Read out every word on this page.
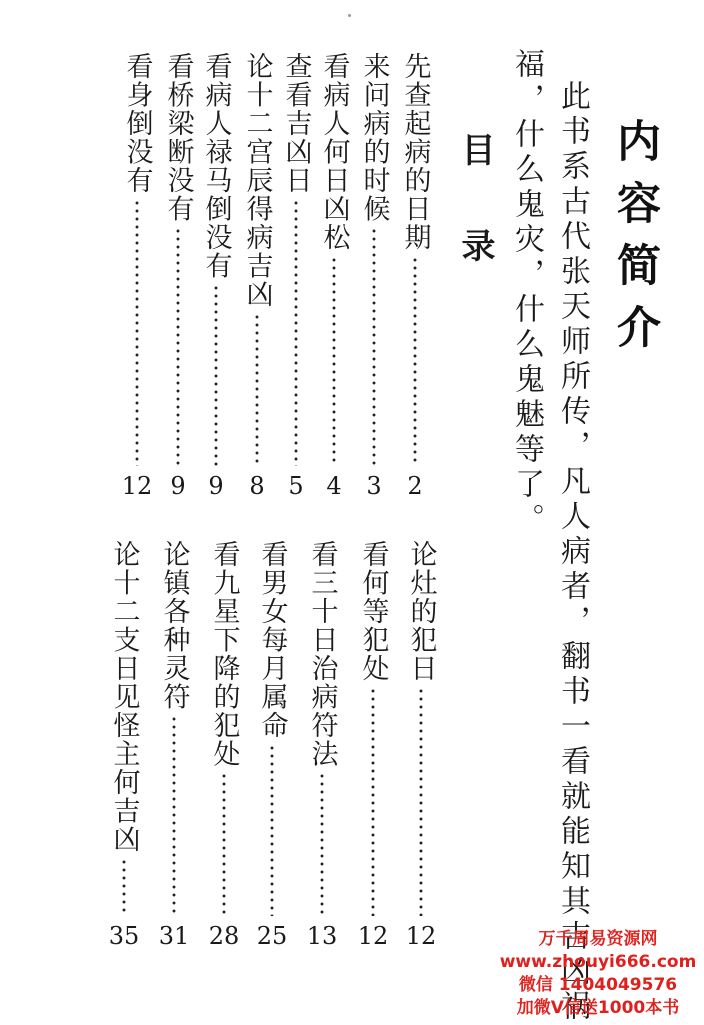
内容简介
此书系古代张天师所传，凡人病者，翻书一看就能知其吉凶祸
福，什么鬼灾，什么鬼魅等了。
目录
先查起病的日期
2
来问病的时候
3
看病人何日凶松
4
查看吉凶日
5
论十二宫辰得病吉凶
8
看病人禄马倒没有
9
看桥梁断没有
9
看身倒没有
12
论灶的犯日
12
看何等犯处
12
看三十日治病符法
13
看男女每月属命
25
看九星下降的犯处
28
论镇各种灵符
31
论十二支日见怪主何吉凶
35	万千周易资源网
www.zhouyi666.com
微信 1404049576
加微V信送1000本书
